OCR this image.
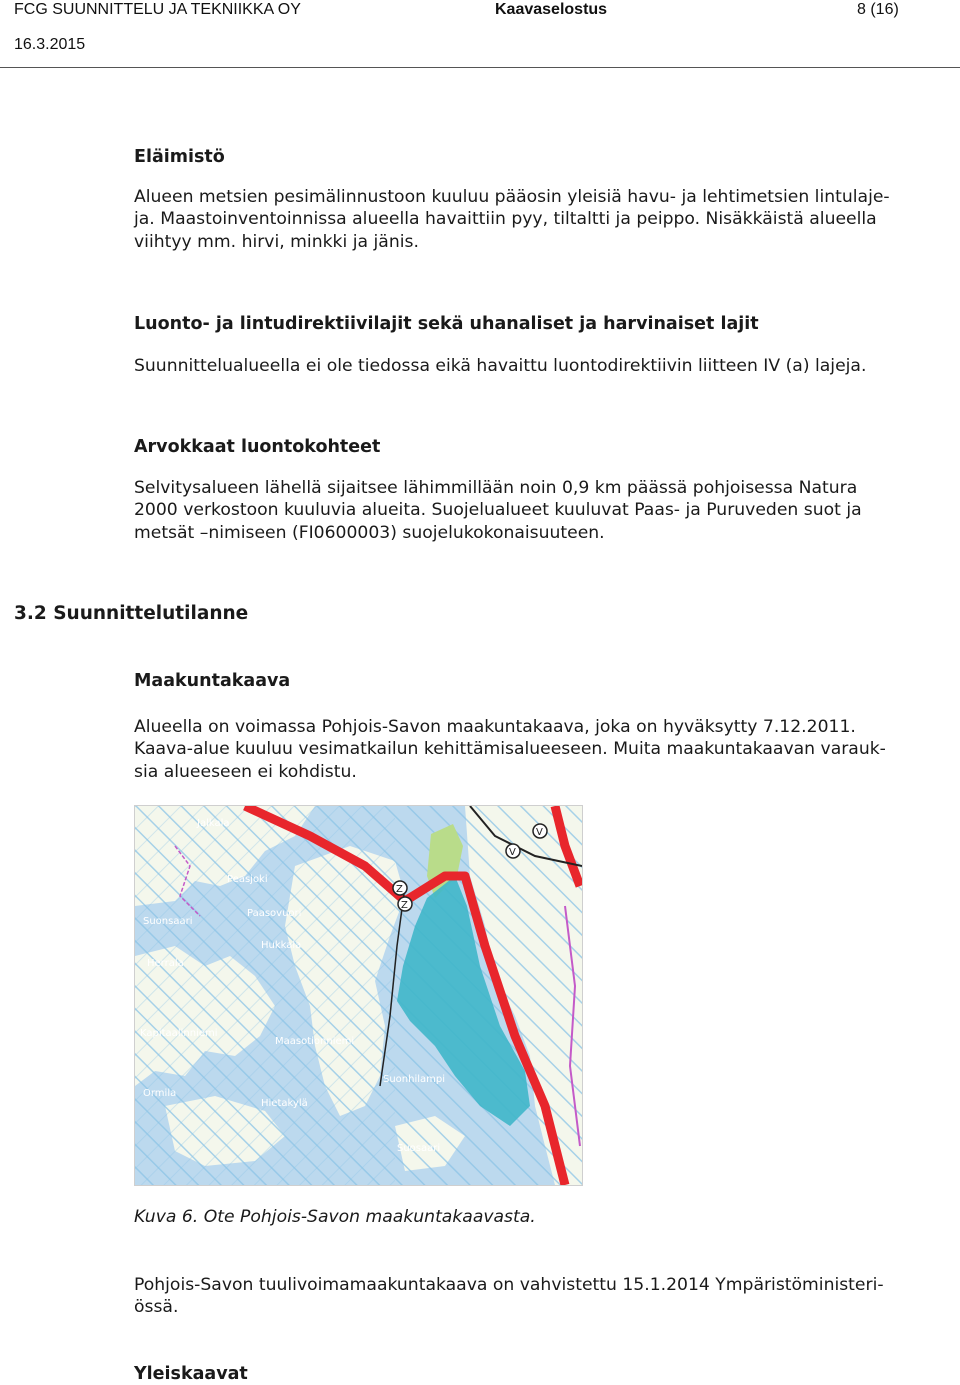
FCG SUUNNITTELU JA TEKNIIKKA OY	Kaavaselostus	8 (16)
16.3.2015
Eläimistö
Alueen metsien pesimälinnustoon kuuluu pääosin yleisiä havu- ja lehtimetsien lintulaje-
ja. Maastoinventoinnissa alueella havaittiin pyy, tiltaltti ja peippo. Nisäkkäistä alueella
viihtyy mm. hirvi, minkki ja jänis.
Luonto- ja lintudirektiivilajit sekä uhanaliset ja harvinaiset lajit
Suunnittelualueella ei ole tiedossa eikä havaittu luontodirektiivin liitteen IV (a) lajeja.
Arvokkaat luontokohteet
Selvitysalueen lähellä sijaitsee lähimmillään noin 0,9 km päässä pohjoisessa Natura
2000 verkostoon kuuluvia alueita. Suojelualueet kuuluvat Paas- ja Puruveden suot ja
metsät –nimiseen (FI0600003) suojelukokonaisuuteen.
3.2 Suunnittelutilanne
Maakuntakaava
Alueella on voimassa Pohjois-Savon maakuntakaava, joka on hyväksytty 7.12.2011.
Kaava-alue kuuluu vesimatkailun kehittämisalueeseen. Muita maakuntakaavan varauk-
sia alueeseen ei kohdistu.
Kuva 6. Ote Pohjois-Savon maakuntakaavasta.
Pohjois-Savon tuulivoimamaakuntakaava on vahvistettu 15.1.2014 Ympäristöministeri-
össä.
Yleiskaavat
Z
Z
V
V
Jalkala
Peasjoki
Suonsaari
Paasovuori
Hukkala
Herrala
Kapitaalinniemi
Maasotionniemi
Ormila
Hietakylä
Suonhilampi
Suosaari
